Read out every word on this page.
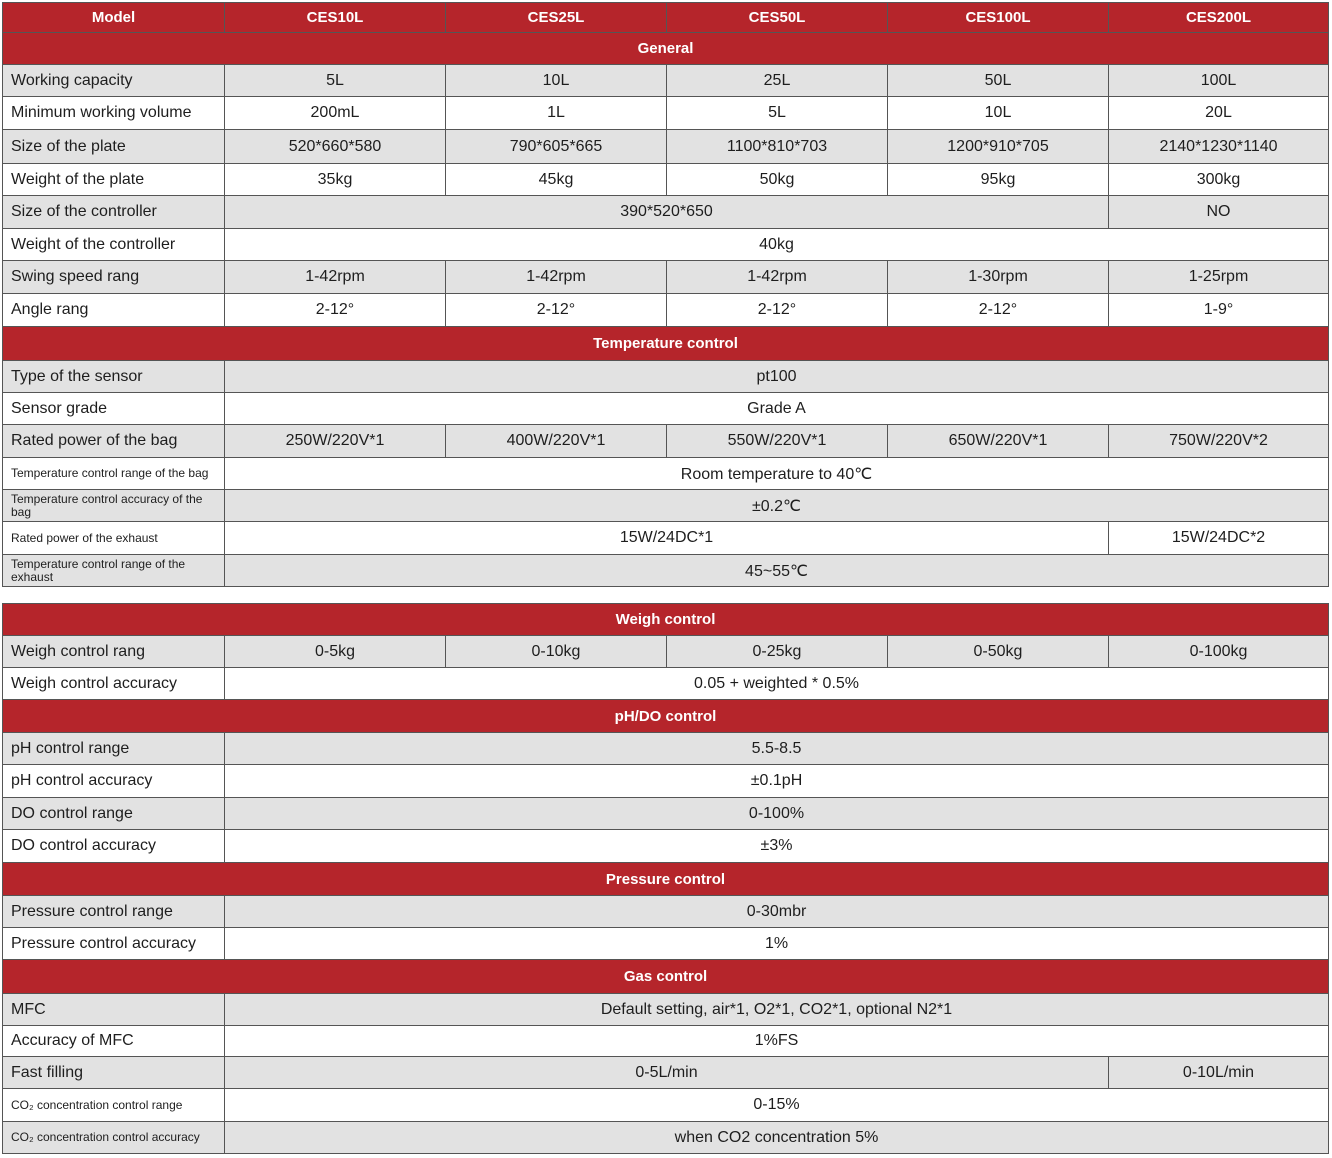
Model	CES10L	CES25L	CES50L	CES100L	CES200L
General					
Working capacity	5L	10L	25L	50L	100L
Minimum working volume	200mL	1L	5L	10L	20L
Size of the plate	520*660*580	790*605*665	1100*810*703	1200*910*705	2140*1230*1140
Weight of the plate	35kg	45kg	50kg	95kg	300kg
Size of the controller	390*520*650				NO
Weight of the controller	40kg				
Swing speed rang	1-42rpm	1-42rpm	1-42rpm	1-30rpm	1-25rpm
Angle rang	2-12°	2-12°	2-12°	2-12°	1-9°
Temperature control					
Type of the sensor	pt100				
Sensor grade	Grade A				
Rated power of the bag	250W/220V*1	400W/220V*1	550W/220V*1	650W/220V*1	750W/220V*2
Temperature control range of the bag	Room temperature to 40℃				
Temperature control accuracy of the bag	±0.2℃				
Rated power of the exhaust	15W/24DC*1				15W/24DC*2
Temperature control range of the exhaust	45~55℃				
Weigh control					
Weigh control rang	0-5kg	0-10kg	0-25kg	0-50kg	0-100kg
Weigh control accuracy	0.05 + weighted * 0.5%				
pH/DO control					
pH control range	5.5-8.5				
pH control accuracy	±0.1pH				
DO control range	0-100%				
DO control accuracy	±3%				
Pressure control					
Pressure control range	0-30mbr				
Pressure control accuracy	1%				
Gas control					
MFC	Default setting, air*1, O2*1, CO2*1, optional N2*1				
Accuracy of MFC	1%FS				
Fast filling	0-5L/min				0-10L/min
CO₂ concentration control range	0-15%				
CO₂ concentration control accuracy	when CO2 concentration 5%				
